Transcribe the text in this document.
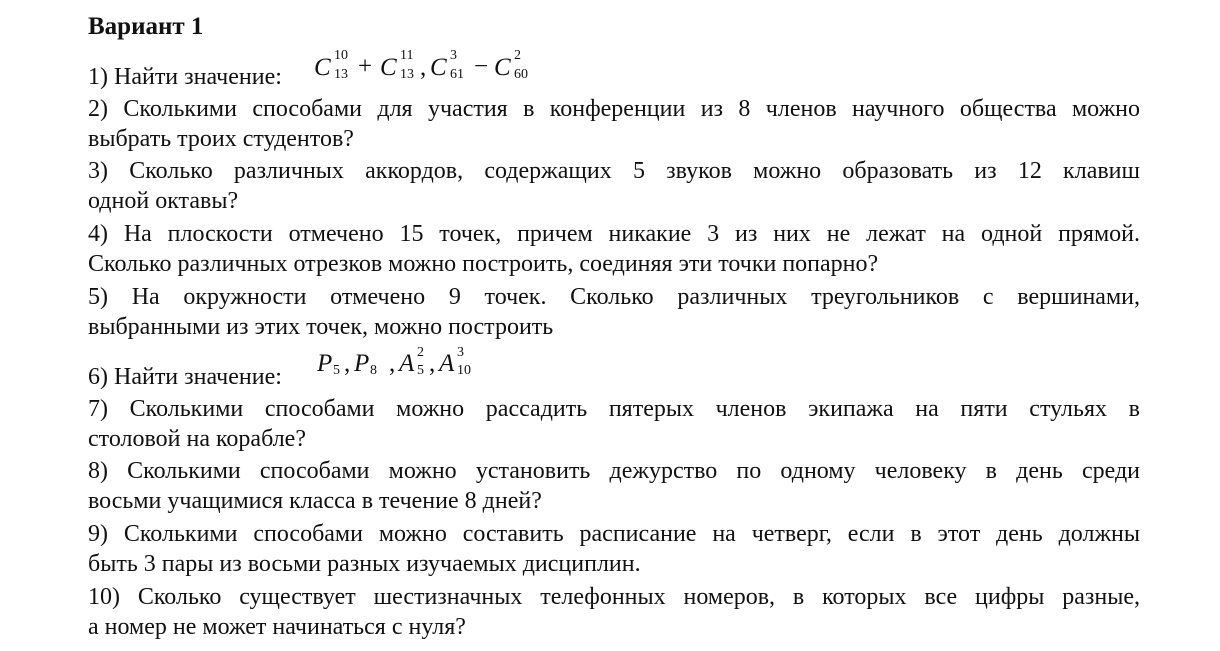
Вариант 1
1) Найти значение:	C 10
13 + C 11
13 , C 3
61 − C 2
60
2) Сколькими способами для участия в конференции из 8 членов научного общества можно
выбрать троих студентов?
3) Сколько различных аккордов, содержащих 5 звуков можно образовать из 12 клавиш
одной октавы?
4) На плоскости отмечено 15 точек, причем никакие 3 из них не лежат на одной прямой.
Сколько различных отрезков можно построить, соединяя эти точки попарно?
5) На окружности отмечено 9 точек. Сколько различных треугольников с вершинами,
выбранными из этих точек, можно построить
6) Найти значение:	P 5 , P 8 , A 2
5 , A 3
10
7) Сколькими способами можно рассадить пятерых членов экипажа на пяти стульях в
столовой на корабле?
8) Сколькими способами можно установить дежурство по одному человеку в день среди
восьми учащимися класса в течение 8 дней?
9) Сколькими способами можно составить расписание на четверг, если в этот день должны
быть 3 пары из восьми разных изучаемых дисциплин.
10) Сколько существует шестизначных телефонных номеров, в которых все цифры разные,
а номер не может начинаться с нуля?
